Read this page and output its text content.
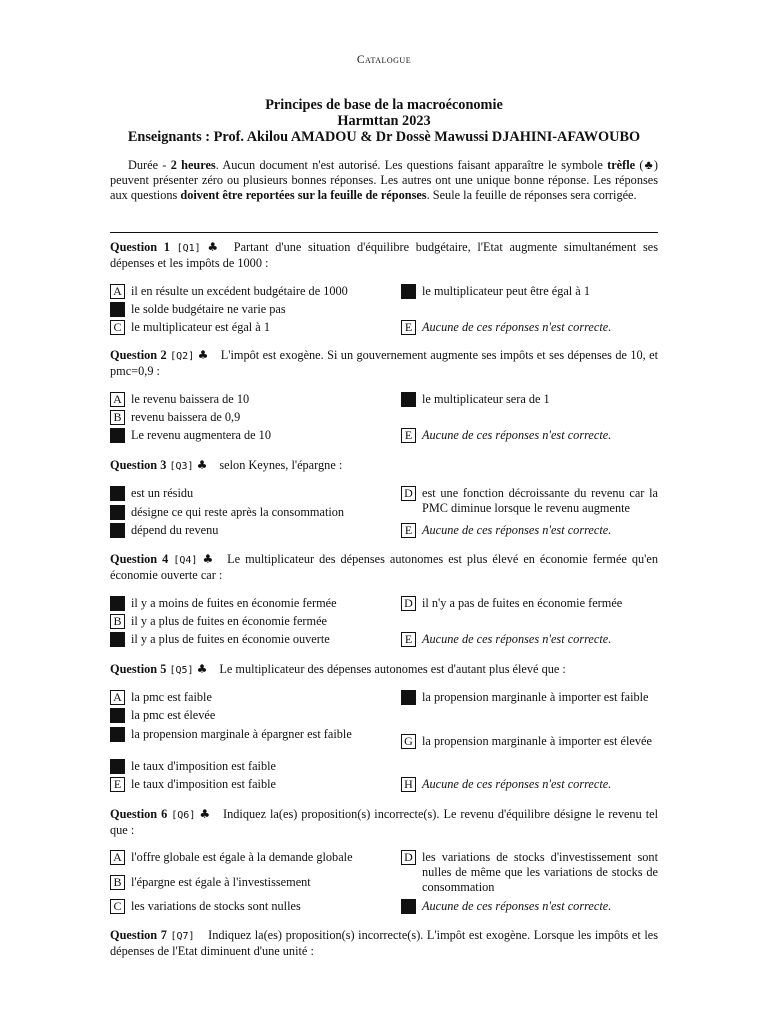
Catalogue
Principes de base de la macroéconomie
Harmttan 2023
Enseignants : Prof. Akilou AMADOU & Dr Dossè Mawussi DJAHINI-AFAWOUBO
Durée - 2 heures. Aucun document n'est autorisé. Les questions faisant apparaître le symbole trèfle (♣) peuvent présenter zéro ou plusieurs bonnes réponses. Les autres ont une unique bonne réponse. Les réponses aux questions doivent être reportées sur la feuille de réponses. Seule la feuille de réponses sera corrigée.
Question 1 [Q1] ♣ Partant d'une situation d'équilibre budgétaire, l'Etat augmente simultanément ses dépenses et les impôts de 1000 :
A il en résulte un excédent budgétaire de 1000	D le multiplicateur peut être égal à 1
B le solde budgétaire ne varie pas
C le multiplicateur est égal à 1	E Aucune de ces réponses n'est correcte.
Question 2 [Q2] ♣ L'impôt est exogène. Si un gouvernement augmente ses impôts et ses dépenses de 10, et pmc=0,9 :
A le revenu baissera de 10	D le multiplicateur sera de 1
B revenu baissera de 0,9
C Le revenu augmentera de 10	E Aucune de ces réponses n'est correcte.
Question 3 [Q3] ♣ selon Keynes, l'épargne :
A est un résidu	D est une fonction décroissante du revenu car la PMC diminue lorsque le revenu augmente
B désigne ce qui reste après la consommation
C dépend du revenu	E Aucune de ces réponses n'est correcte.
Question 4 [Q4] ♣ Le multiplicateur des dépenses autonomes est plus élevé en économie fermée qu'en économie ouverte car :
A il y a moins de fuites en économie fermée	D il n'y a pas de fuites en économie fermée
B il y a plus de fuites en économie fermée
C il y a plus de fuites en économie ouverte	E Aucune de ces réponses n'est correcte.
Question 5 [Q5] ♣ Le multiplicateur des dépenses autonomes est d'autant plus élevé que :
A la pmc est faible	F la propension marginanle à importer est faible
B la pmc est élevée
C la propension marginale à épargner est faible	G la propension marginanle à importer est élevée
D le taux d'imposition est faible
E le taux d'imposition est faible	H Aucune de ces réponses n'est correcte.
Question 6 [Q6] ♣ Indiquez la(es) proposition(s) incorrecte(s). Le revenu d'équilibre désigne le revenu tel que :
A l'offre globale est égale à la demande globale	D les variations de stocks d'investissement sont nulles de même que les variations de stocks de consommation
B l'épargne est égale à l'investissement
C les variations de stocks sont nulles	E Aucune de ces réponses n'est correcte.
Question 7 [Q7] Indiquez la(es) proposition(s) incorrecte(s). L'impôt est exogène. Lorsque les impôts et les dépenses de l'Etat diminuent d'une unité :
